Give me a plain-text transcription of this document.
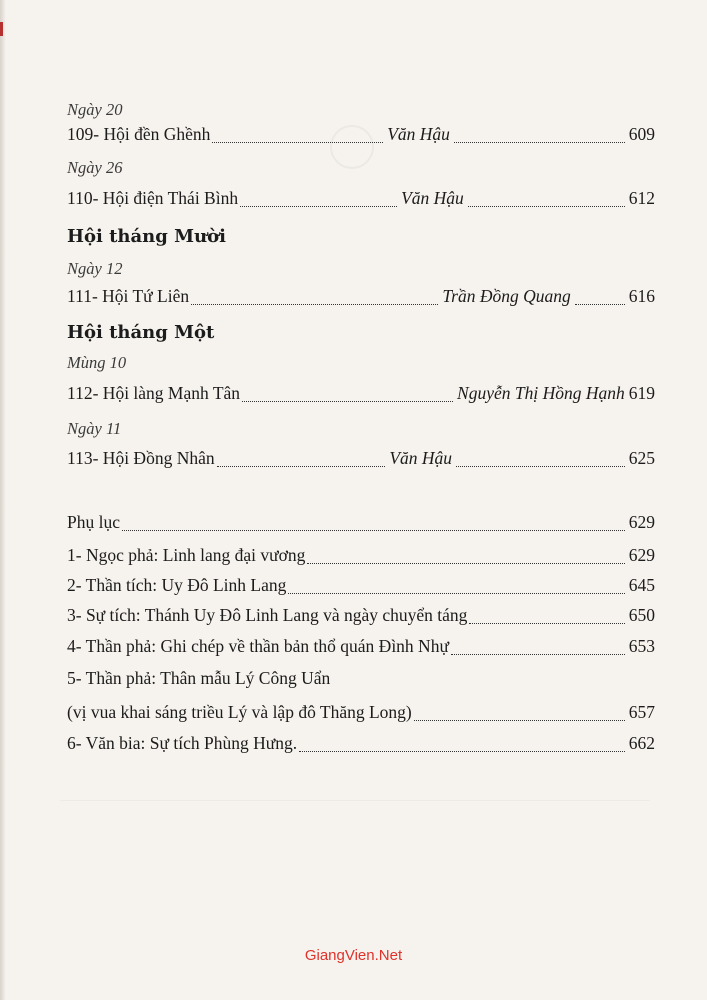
Ngày 20
109- Hội đền Ghềnh	Văn Hậu	609
Ngày 26
110- Hội điện Thái Bình	Văn Hậu	612
Hội tháng Mười
Ngày 12
111- Hội Tứ Liên	Trần Đồng Quang	616
Hội tháng Một
Mùng 10
112- Hội làng Mạnh Tân	Nguyễn Thị Hồng Hạnh 619
Ngày 11
113- Hội Đồng Nhân	Văn Hậu	625
Phụ lục	629
1- Ngọc phả: Linh lang đại vương	629
2- Thần tích: Uy Đô Linh Lang	645
3- Sự tích: Thánh Uy Đô Linh Lang và ngày chuyển táng	650
4- Thần phả: Ghi chép về thần bản thổ quán Đình Nhự	653
5- Thần phả: Thân mẫu Lý Công Uẩn
(vị vua khai sáng triều Lý và lập đô Thăng Long)	657
6- Văn bia: Sự tích Phùng Hưng.	662
GiangVien.Net
